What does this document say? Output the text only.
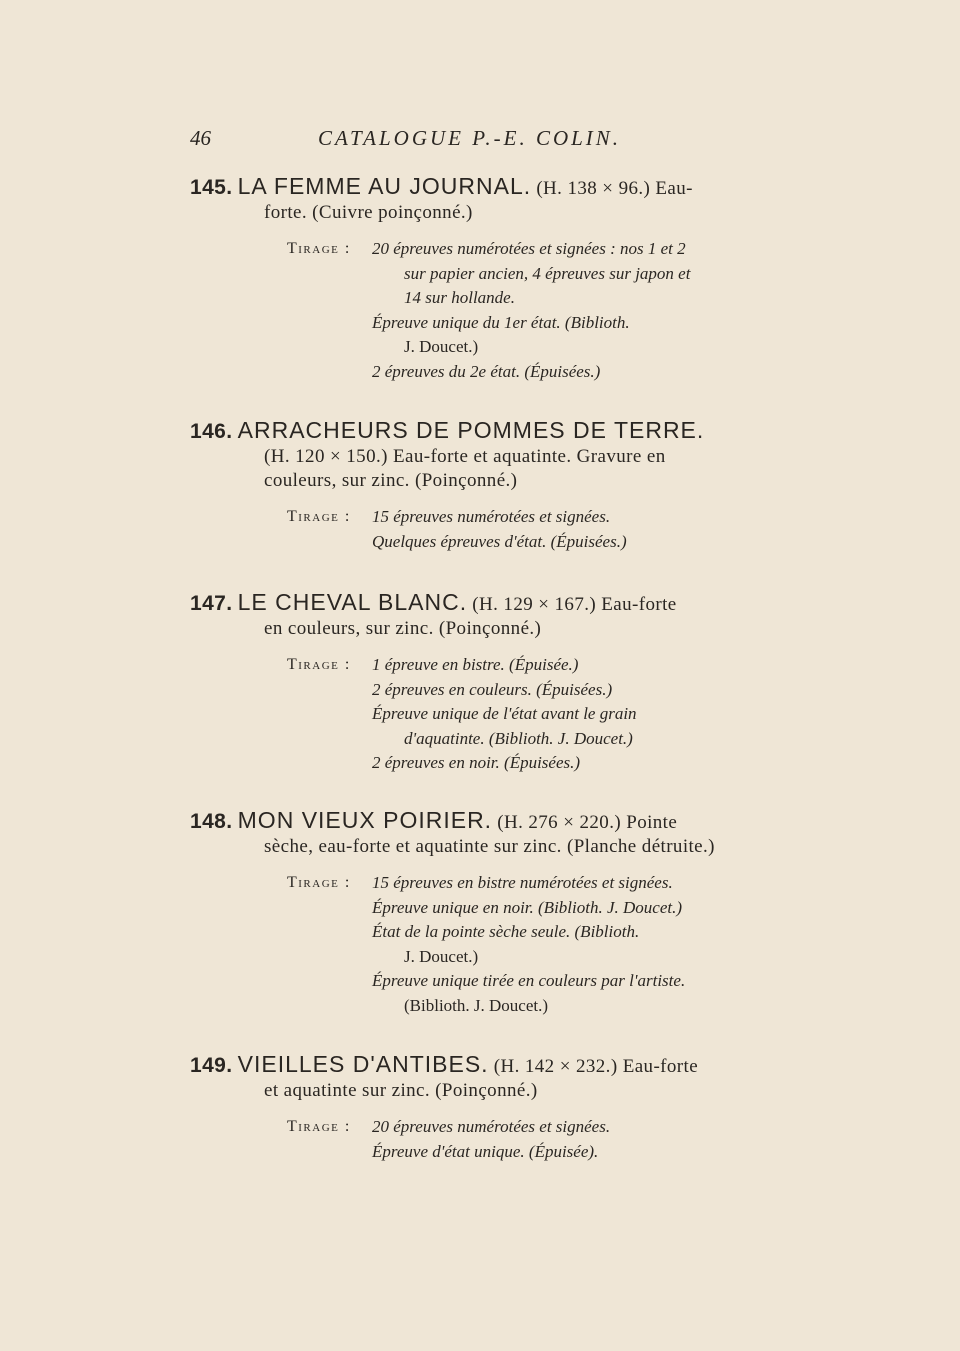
46	CATALOGUE P.-E. COLIN.

145. LA FEMME AU JOURNAL. (H. 138 × 96.) Eau-
forte. (Cuivre poinçonné.)

Tirage : 20 épreuves numérotées et signées : nos 1 et 2
sur papier ancien, 4 épreuves sur japon et
14 sur hollande.
Épreuve unique du 1er état. (Biblioth.
J. Doucet.)
2 épreuves du 2e état. (Épuisées.)

146. ARRACHEURS DE POMMES DE TERRE.
(H. 120 × 150.) Eau-forte et aquatinte. Gravure en
couleurs, sur zinc. (Poinçonné.)

Tirage : 15 épreuves numérotées et signées.
Quelques épreuves d'état. (Épuisées.)

147. LE CHEVAL BLANC. (H. 129 × 167.) Eau-forte
en couleurs, sur zinc. (Poinçonné.)

Tirage : 1 épreuve en bistre. (Épuisée.)
2 épreuves en couleurs. (Épuisées.)
Épreuve unique de l'état avant le grain
d'aquatinte. (Biblioth. J. Doucet.)
2 épreuves en noir. (Épuisées.)

148. MON VIEUX POIRIER. (H. 276 × 220.) Pointe
sèche, eau-forte et aquatinte sur zinc. (Planche détruite.)

Tirage : 15 épreuves en bistre numérotées et signées.
Épreuve unique en noir. (Biblioth. J. Doucet.)
État de la pointe sèche seule. (Biblioth.
J. Doucet.)
Épreuve unique tirée en couleurs par l'artiste.
(Biblioth. J. Doucet.)

149. VIEILLES D'ANTIBES. (H. 142 × 232.) Eau-forte
et aquatinte sur zinc. (Poinçonné.)

Tirage : 20 épreuves numérotées et signées.
Épreuve d'état unique. (Épuisée).
